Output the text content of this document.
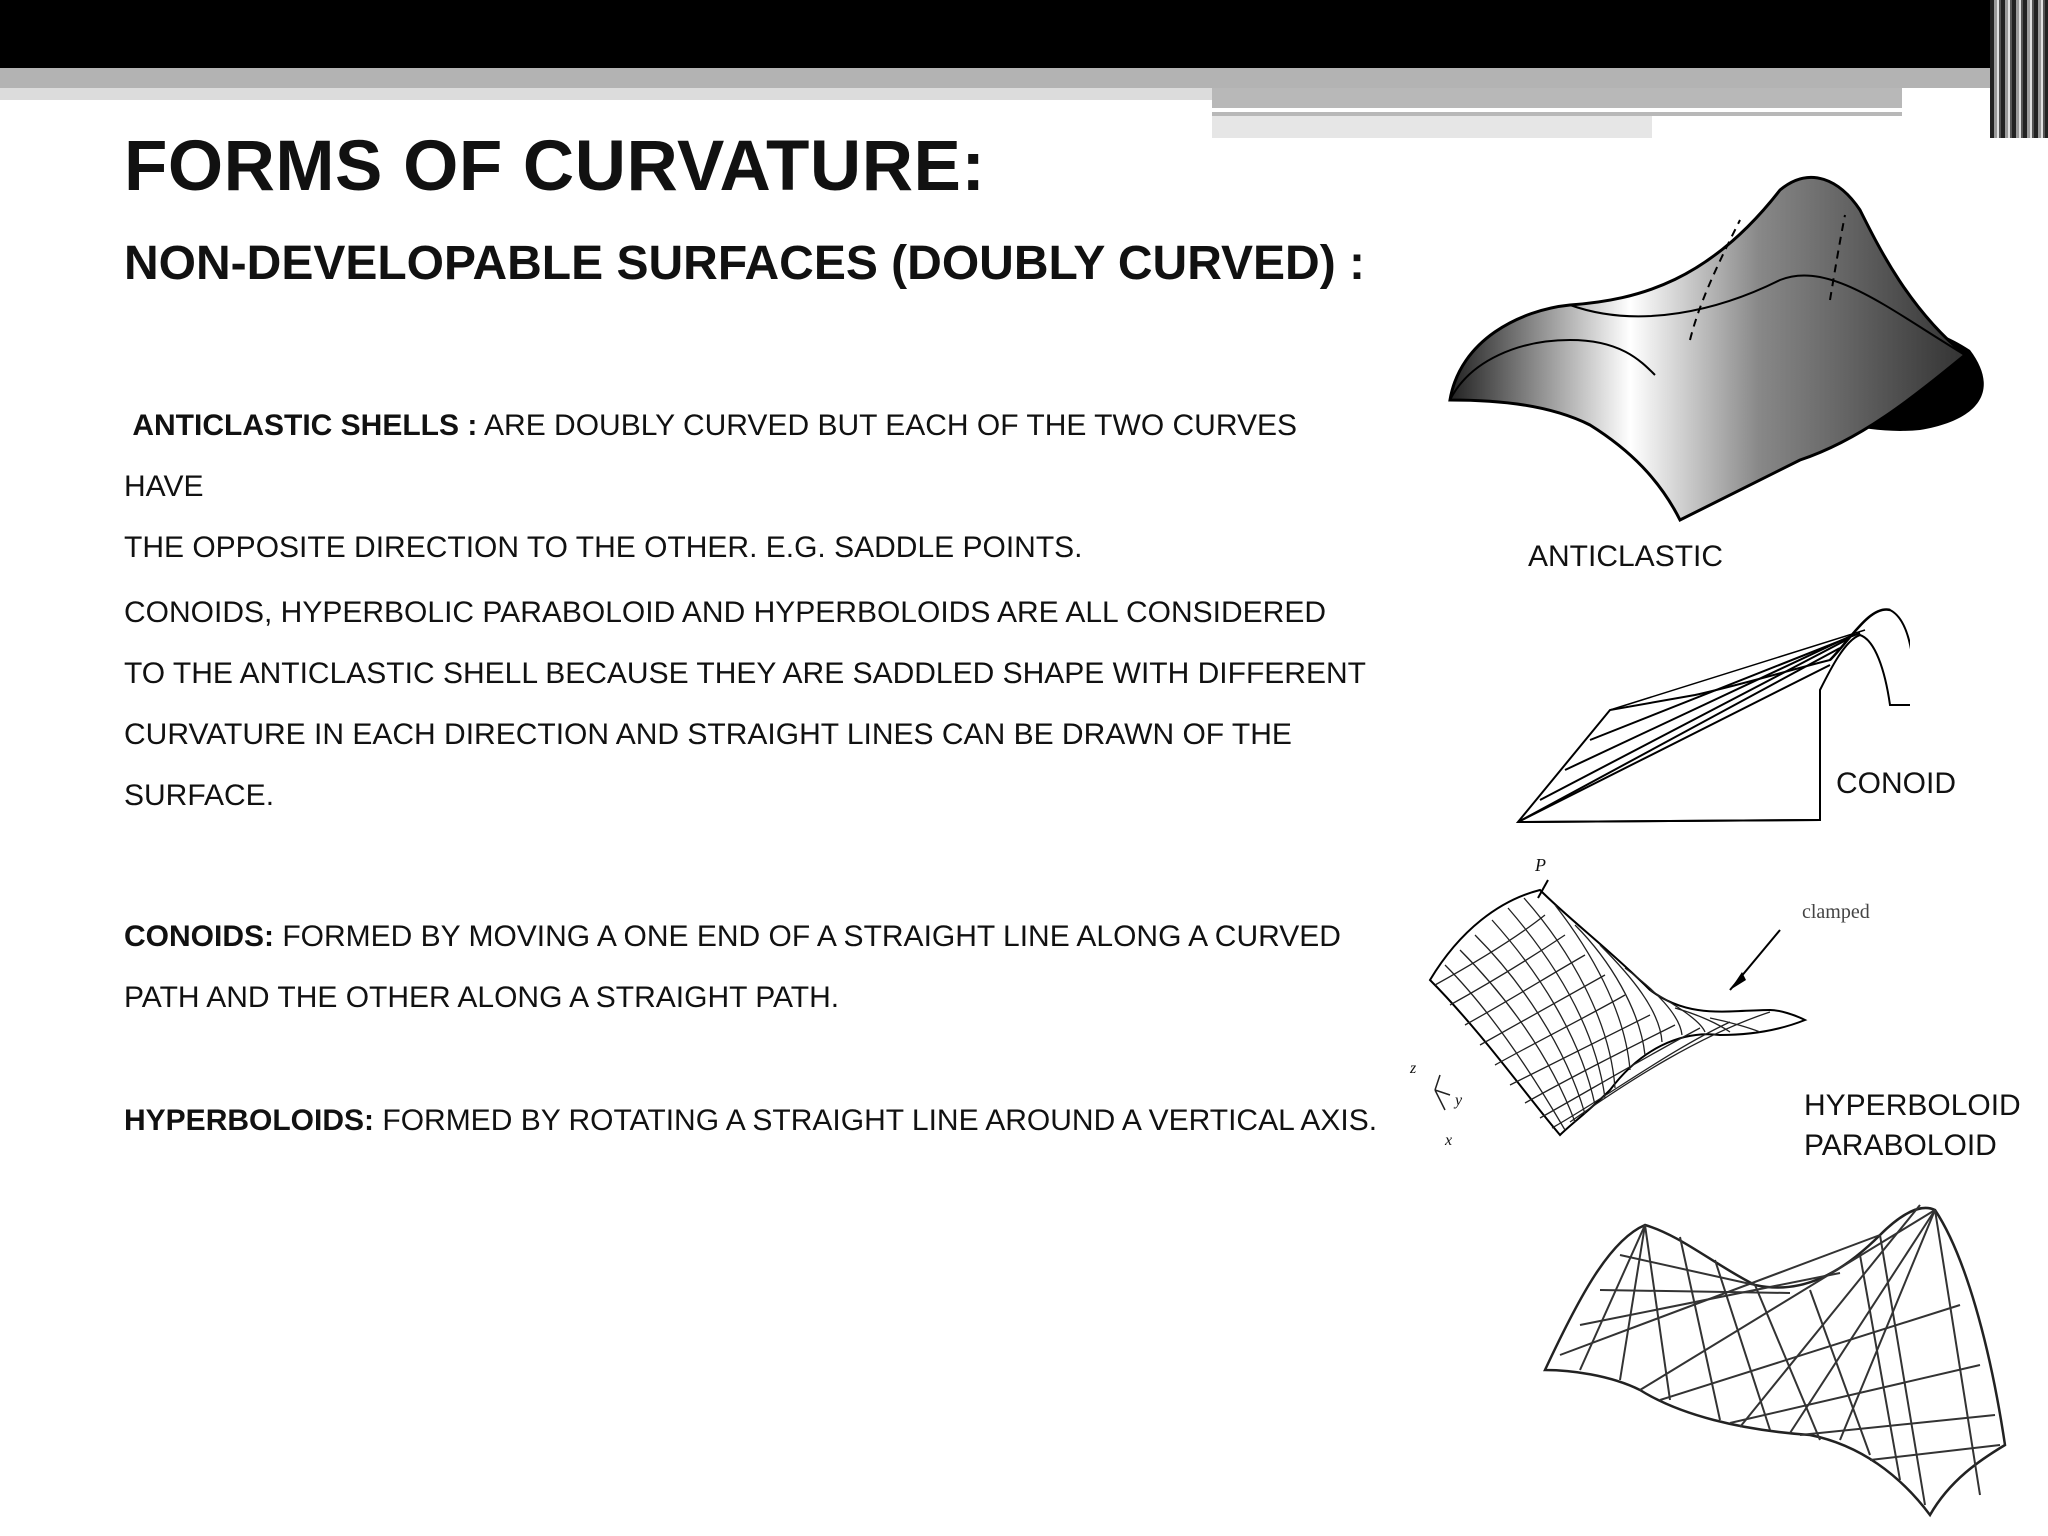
FORMS OF CURVATURE:
NON-DEVELOPABLE SURFACES (DOUBLY CURVED) :

ANTICLASTIC SHELLS : ARE DOUBLY CURVED BUT EACH OF THE TWO CURVES HAVE
THE OPPOSITE DIRECTION TO THE OTHER. E.G. SADDLE POINTS.

CONOIDS, HYPERBOLIC PARABOLOID AND HYPERBOLOIDS ARE ALL CONSIDERED TO THE ANTICLASTIC SHELL BECAUSE THEY ARE SADDLED SHAPE WITH DIFFERENT CURVATURE IN EACH DIRECTION AND STRAIGHT LINES CAN BE DRAWN OF THE SURFACE.

CONOIDS: FORMED BY MOVING A ONE END OF A STRAIGHT LINE ALONG A CURVED PATH AND THE OTHER ALONG A STRAIGHT PATH.

HYPERBOLOIDS: FORMED BY ROTATING A STRAIGHT LINE AROUND A VERTICAL AXIS.

ANTICLASTIC

CONOID

P

clamped

z

y

x

HYPERBOLOID

PARABOLOID
